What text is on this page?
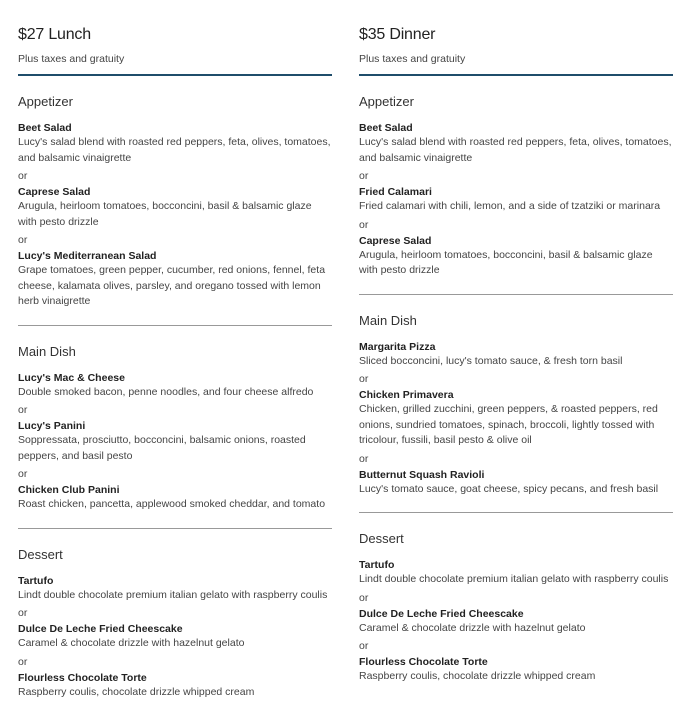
$27 Lunch
Plus taxes and gratuity
Appetizer
Beet Salad
Lucy's salad blend with roasted red peppers, feta, olives, tomatoes, and balsamic vinaigrette
or
Caprese Salad
Arugula, heirloom tomatoes, bocconcini, basil & balsamic glaze with pesto drizzle
or
Lucy's Mediterranean Salad
Grape tomatoes, green pepper, cucumber, red onions, fennel, feta cheese, kalamata olives, parsley, and oregano tossed with lemon herb vinaigrette
Main Dish
Lucy's Mac & Cheese
Double smoked bacon, penne noodles, and four cheese alfredo
or
Lucy's Panini
Soppressata, prosciutto, bocconcini, balsamic onions, roasted peppers, and basil pesto
or
Chicken Club Panini
Roast chicken, pancetta, applewood smoked cheddar, and tomato
Dessert
Tartufo
Lindt double chocolate premium italian gelato with raspberry coulis
or
Dulce De Leche Fried Cheescake
Caramel & chocolate drizzle with hazelnut gelato
or
Flourless Chocolate Torte
Raspberry coulis, chocolate drizzle whipped cream
$35 Dinner
Plus taxes and gratuity
Appetizer
Beet Salad
Lucy's salad blend with roasted red peppers, feta, olives, tomatoes, and balsamic vinaigrette
or
Fried Calamari
Fried calamari with chili, lemon, and a side of tzatziki or marinara
or
Caprese Salad
Arugula, heirloom tomatoes, bocconcini, basil & balsamic glaze with pesto drizzle
Main Dish
Margarita Pizza
Sliced bocconcini, lucy's tomato sauce, & fresh torn basil
or
Chicken Primavera
Chicken, grilled zucchini, green peppers, & roasted peppers, red onions, sundried tomatoes, spinach, broccoli, lightly tossed with tricolour, fussili, basil pesto & olive oil
or
Butternut Squash Ravioli
Lucy's tomato sauce, goat cheese, spicy pecans, and fresh basil
Dessert
Tartufo
Lindt double chocolate premium italian gelato with raspberry coulis
or
Dulce De Leche Fried Cheescake
Caramel & chocolate drizzle with hazelnut gelato
or
Flourless Chocolate Torte
Raspberry coulis, chocolate drizzle whipped cream
